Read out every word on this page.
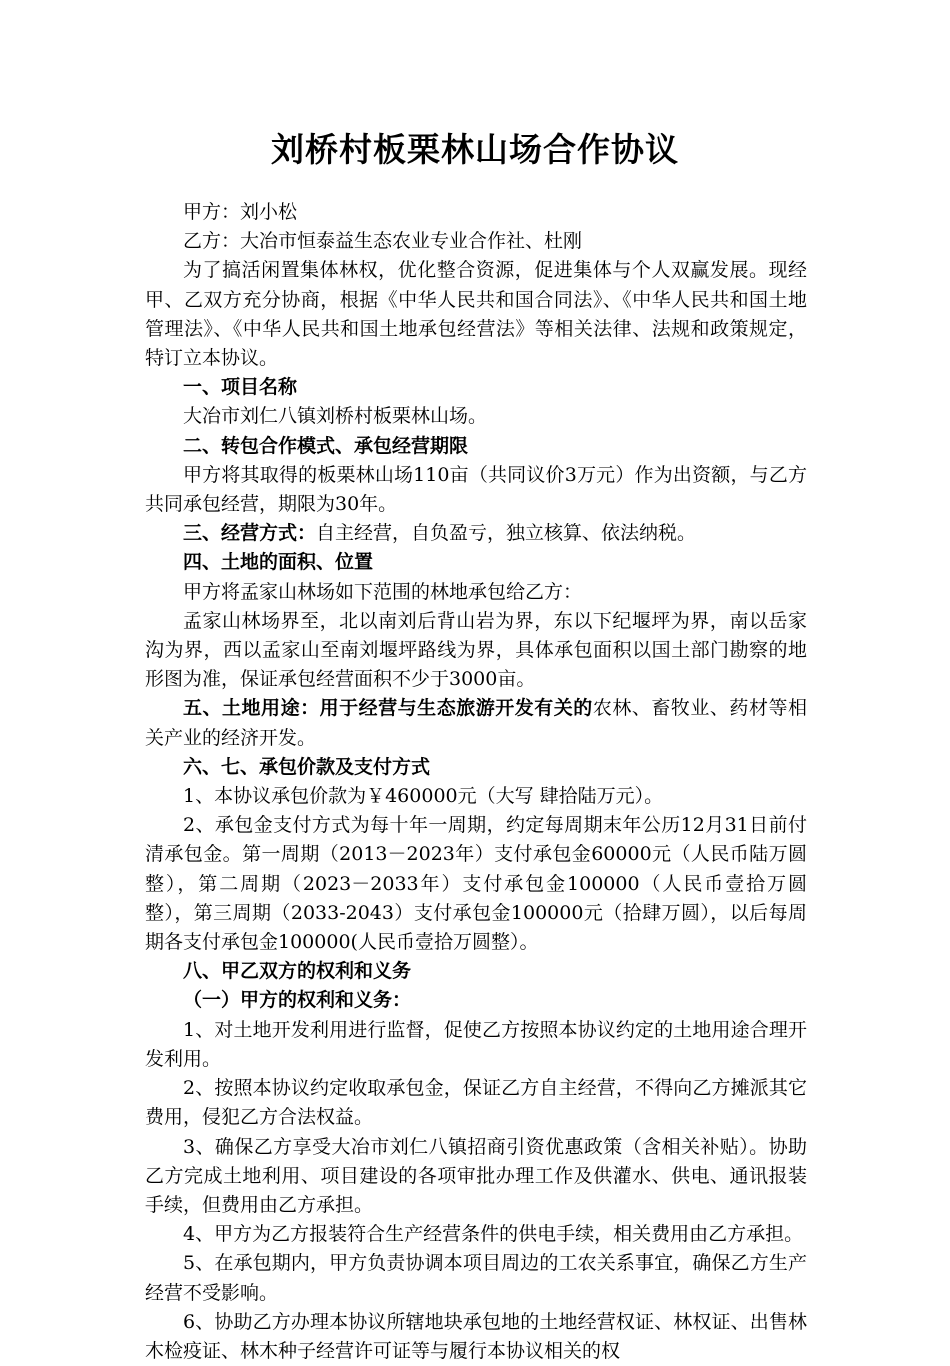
刘桥村板栗林山场合作协议

甲方：刘小松

乙方：大冶市恒泰益生态农业专业合作社、杜刚

为了搞活闲置集体林权，优化整合资源，促进集体与个人双赢发展。现经甲、乙双方充分协商，根据《中华人民共和国合同法》、《中华人民共和国土地管理法》、《中华人民共和国土地承包经营法》等相关法律、法规和政策规定，特订立本协议。

一、项目名称

大冶市刘仁八镇刘桥村板栗林山场。

二、转包合作模式、承包经营期限

甲方将其取得的板栗林山场110亩（共同议价3万元）作为出资额，与乙方共同承包经营，期限为30年。

三、经营方式：自主经营，自负盈亏，独立核算、依法纳税。

四、土地的面积、位置

甲方将孟家山林场如下范围的林地承包给乙方：

孟家山林场界至，北以南刘后背山岩为界，东以下纪堰坪为界，南以岳家沟为界，西以孟家山至南刘堰坪路线为界，具体承包面积以国土部门勘察的地形图为准，保证承包经营面积不少于3000亩。

五、土地用途：用于经营与生态旅游开发有关的农林、畜牧业、药材等相关产业的经济开发。

六、七、承包价款及支付方式

1、本协议承包价款为￥460000元（大写 肆拾陆万元）。

2、承包金支付方式为每十年一周期，约定每周期末年公历12月31日前付清承包金。第一周期（2013－2023年）支付承包金60000元（人民币陆万圆整），第二周期（2023－2033年）支付承包金100000（人民币壹拾万圆整），第三周期（2033-2043）支付承包金100000元（拾肆万圆），以后每周期各支付承包金100000(人民币壹拾万圆整）。

八、甲乙双方的权利和义务

（一）甲方的权利和义务：

1、对土地开发利用进行监督，促使乙方按照本协议约定的土地用途合理开发利用。

2、按照本协议约定收取承包金，保证乙方自主经营，不得向乙方摊派其它费用，侵犯乙方合法权益。

3、确保乙方享受大冶市刘仁八镇招商引资优惠政策（含相关补贴）。协助乙方完成土地利用、项目建设的各项审批办理工作及供灌水、供电、通讯报装手续，但费用由乙方承担。

4、甲方为乙方报装符合生产经营条件的供电手续，相关费用由乙方承担。

5、在承包期内，甲方负责协调本项目周边的工农关系事宜，确保乙方生产经营不受影响。

6、协助乙方办理本协议所辖地块承包地的土地经营权证、林权证、出售林木检疫证、林木种子经营许可证等与履行本协议相关的权
